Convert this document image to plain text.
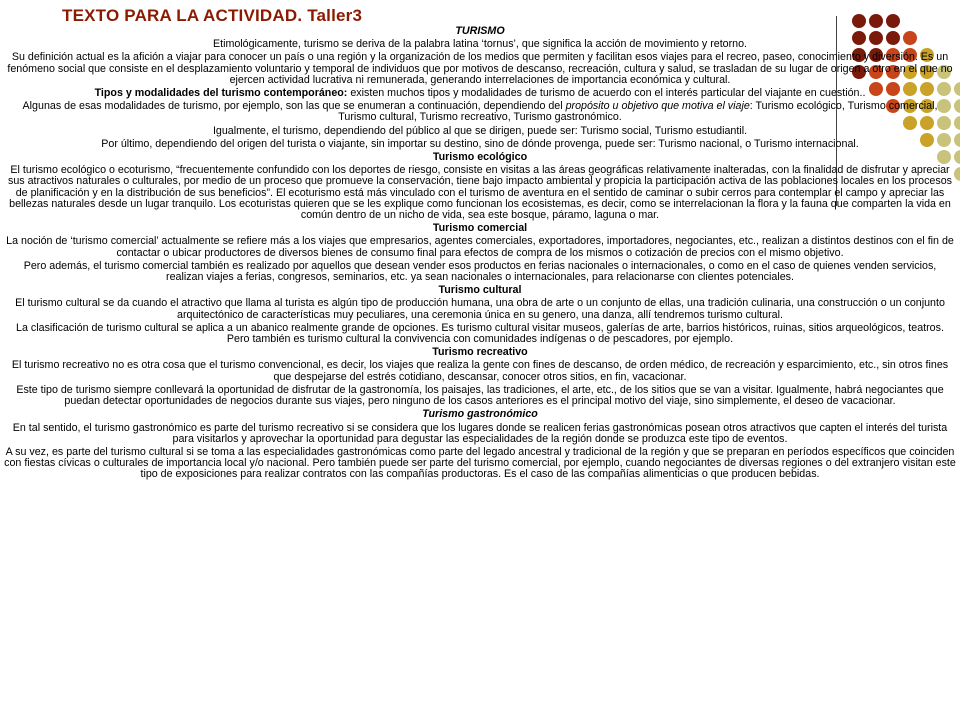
TEXTO PARA LA ACTIVIDAD. Taller3

TURISMO

Etimológicamente, turismo se deriva de la palabra latina ‘tornus’, que significa la acción de movimiento y retorno.

Su definición actual es la afición a viajar para conocer un país o una región y la organización de los medios que permiten y facilitan esos viajes para el recreo, paseo, conocimiento y diversión. Es un fenómeno social que consiste en el desplazamiento voluntario y temporal de individuos que por motivos de descanso, recreación, cultura y salud, se trasladan de su lugar de origen a otro en el que no ejercen actividad lucrativa ni remunerada, generando interrelaciones de importancia económica y cultural.

Tipos y modalidades del turismo contemporáneo: existen muchos tipos y modalidades de turismo de acuerdo con el interés particular del viajante en cuestión..

Algunas de esas modalidades de turismo, por ejemplo, son las que se enumeran a continuación, dependiendo del propósito u objetivo que motiva el viaje: Turismo ecológico, Turismo comercial, Turismo cultural, Turismo recreativo, Turismo gastronómico.

Igualmente, el turismo, dependiendo del público al que se dirigen, puede ser: Turismo social, Turismo estudiantil.

Por último, dependiendo del origen del turista o viajante, sin importar su destino, sino de dónde provenga, puede ser: Turismo nacional, o Turismo internacional.

Turismo ecológico

El turismo ecológico o ecoturismo, “frecuentemente confundido con los deportes de riesgo, consiste en visitas a las áreas geográficas relativamente inalteradas, con la finalidad de disfrutar y apreciar sus atractivos naturales o culturales, por medio de un proceso que promueve la conservación, tiene bajo impacto ambiental y propicia la participación activa de las poblaciones locales en los procesos de planificación y en la distribución de sus beneficios”. El ecoturismo está más vinculado con el turismo de aventura en el sentido de caminar o subir cerros para contemplar el campo y apreciar las bellezas naturales desde un lugar tranquilo. Los ecoturistas quieren que se les explique como funcionan los ecosistemas, es decir, como se interrelacionan la flora y la fauna que comparten la vida en común dentro de un nicho de vida, sea este bosque, páramo, laguna o mar.

Turismo comercial

La noción de ‘turismo comercial’ actualmente se refiere más a los viajes que empresarios, agentes comerciales, exportadores, importadores, negociantes, etc., realizan a distintos destinos con el fin de contactar o ubicar productores de diversos bienes de consumo final para efectos de compra de los mismos o cotización de precios con el mismo objetivo.

Pero además, el turismo comercial también es realizado por aquellos que desean vender esos productos en ferias nacionales o internacionales, o como en el caso de quienes venden servicios, realizan viajes a ferias, congresos, seminarios, etc. ya sean nacionales o internacionales, para relacionarse con clientes potenciales.

Turismo cultural

El turismo cultural se da cuando el atractivo que llama al turista es algún tipo de producción humana, una obra de arte o un conjunto de ellas, una tradición culinaria, una construcción o un conjunto arquitectónico de características muy peculiares, una ceremonia única en su genero, una danza, allí tendremos turismo cultural.

La clasificación de turismo cultural se aplica a un abanico realmente grande de opciones. Es turismo cultural visitar museos, galerías de arte, barrios históricos, ruinas, sitios arqueológicos, teatros. Pero también es turismo cultural la convivencia con comunidades indígenas o de pescadores, por ejemplo.

Turismo recreativo

El turismo recreativo no es otra cosa que el turismo convencional, es decir, los viajes que realiza la gente con fines de descanso, de orden médico, de recreación y esparcimiento, etc., sin otros fines que despejarse del estrés cotidiano, descansar, conocer otros sitios, en fin, vacacionar.

Este tipo de turismo siempre conllevará la oportunidad de disfrutar de la gastronomía, los paisajes, las tradiciones, el arte, etc., de los sitios que se van a visitar. Igualmente, habrá negociantes que puedan detectar oportunidades de negocios durante sus viajes, pero ninguno de los casos anteriores es el principal motivo del viaje, sino simplemente, el deseo de vacacionar.

Turismo gastronómico

En tal sentido, el turismo gastronómico es parte del turismo recreativo si se considera que los lugares donde se realicen ferias gastronómicas posean otros atractivos que capten el interés del turista para visitarlos y aprovechar la oportunidad para degustar las especialidades de la región donde se produzca este tipo de eventos.

A su vez, es parte del turismo cultural si se toma a las especialidades gastronómicas como parte del legado ancestral y tradicional de la región y que se preparan en períodos específicos que coinciden con fiestas cívicas o culturales de importancia local y/o nacional. Pero también puede ser parte del turismo comercial, por ejemplo, cuando negociantes de diversas regiones o del extranjero visitan este tipo de exposiciones para realizar contratos con las compañías productoras. Es el caso de las compañías alimenticias o que producen bebidas.
